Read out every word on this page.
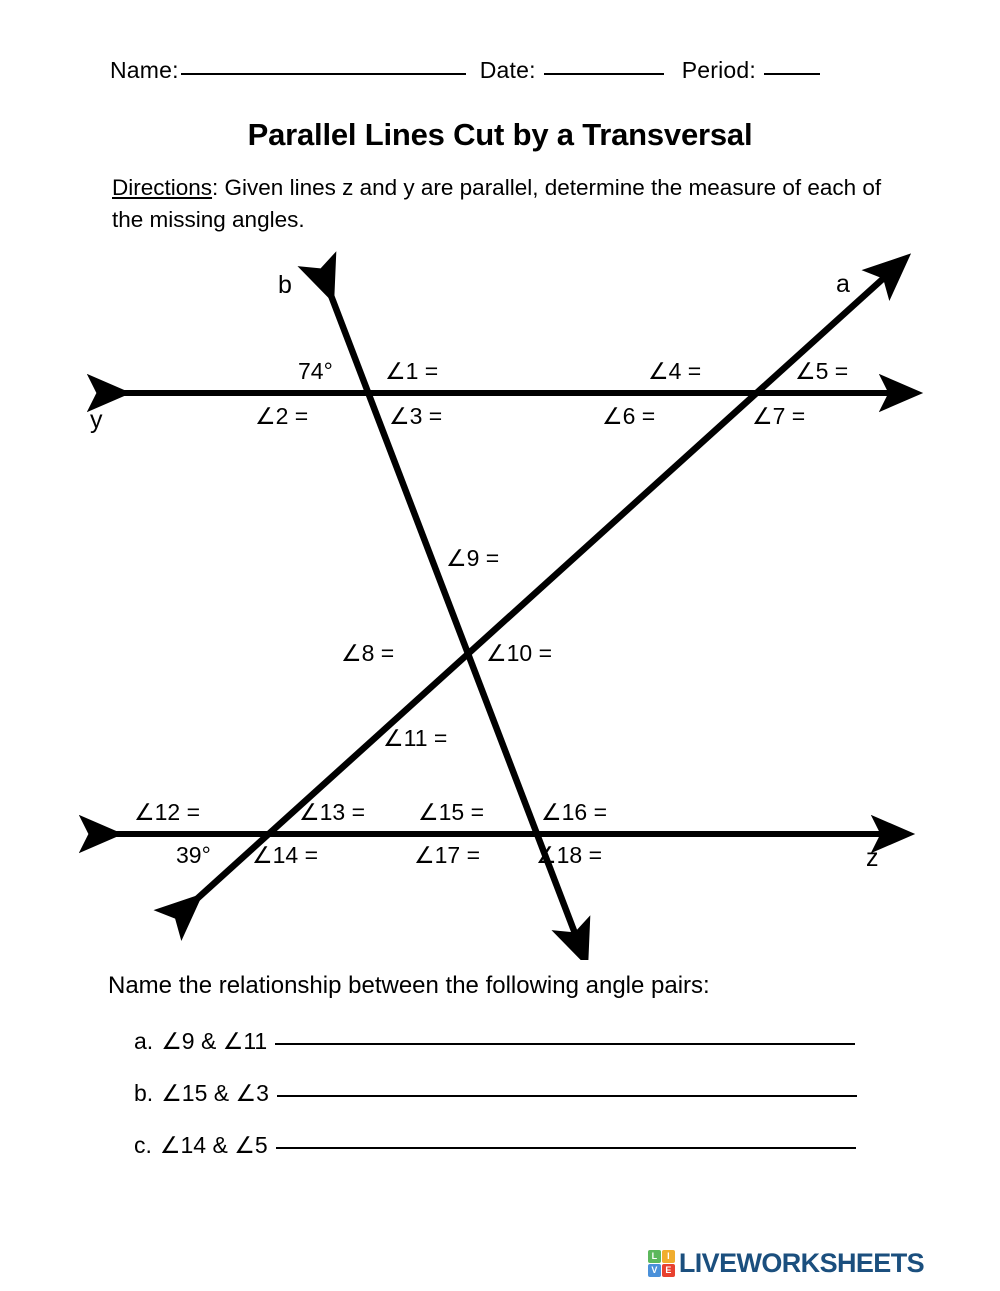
Name:	Date:	Period:
Parallel Lines Cut by a Transversal
Directions: Given lines z and y are parallel, determine the measure of each of the missing angles.
b	a
y
z
74°
39°
∠1 =
∠2 =	∠3 =
∠4 =	∠5 =
∠6 =	∠7 =
∠9 =
∠8 =	∠10 =
∠11 =
∠12 =	∠13 =
∠14 =
∠15 = ∠16 =
∠17 = ∠18 =
Name the relationship between the following angle pairs:
a. ∠9 & ∠11
b. ∠15 & ∠3
c. ∠14 & ∠5
L	I
V E LIVEWORKSHEETS
